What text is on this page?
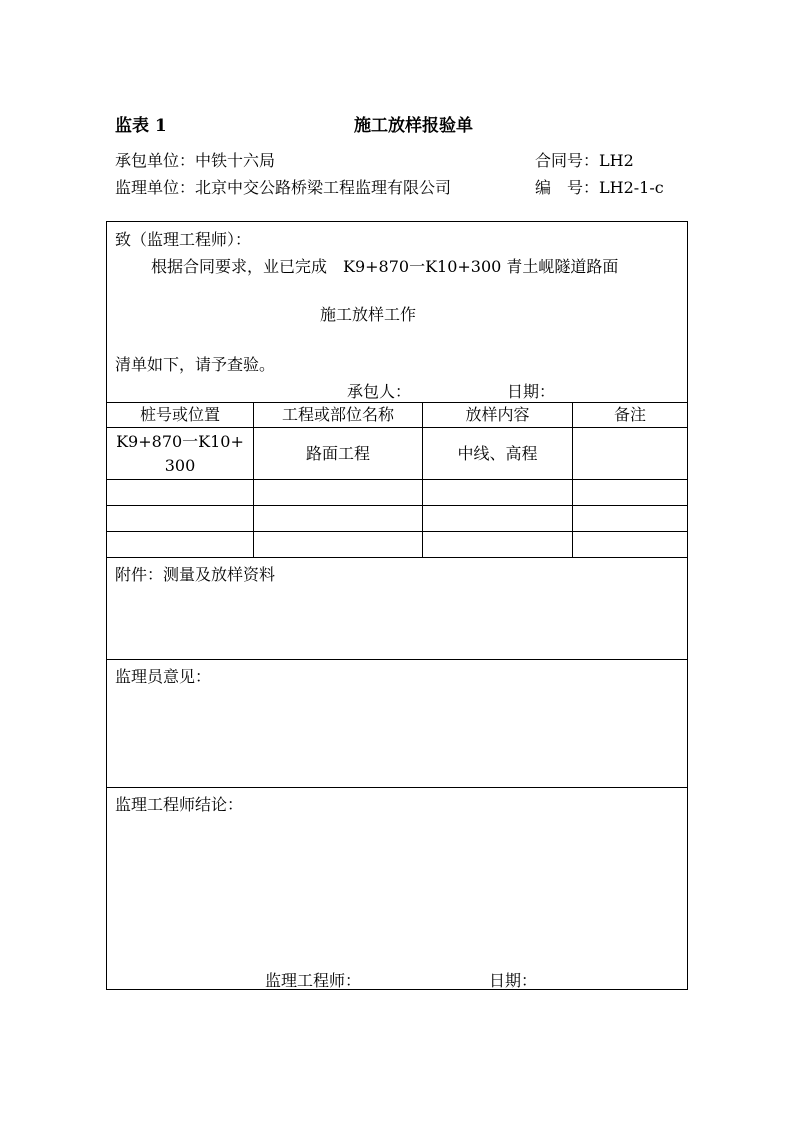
监表 1	施工放样报验单
承包单位：中铁十六局	合同号：LH2
监理单位：北京中交公路桥梁工程监理有限公司	编　号：LH2-1-c
致（监理工程师）：
根据合同要求，业已完成　K9+870一K10+300 青土岘隧道路面
施工放样工作
清单如下，请予查验。
承包人：	日期：
桩号或位置	工程或部位名称	放样内容	备注
K9+870一K10+
300
路面工程	中线、高程
附件：测量及放样资料
监理员意见：
监理工程师结论：
监理工程师：	日期：
